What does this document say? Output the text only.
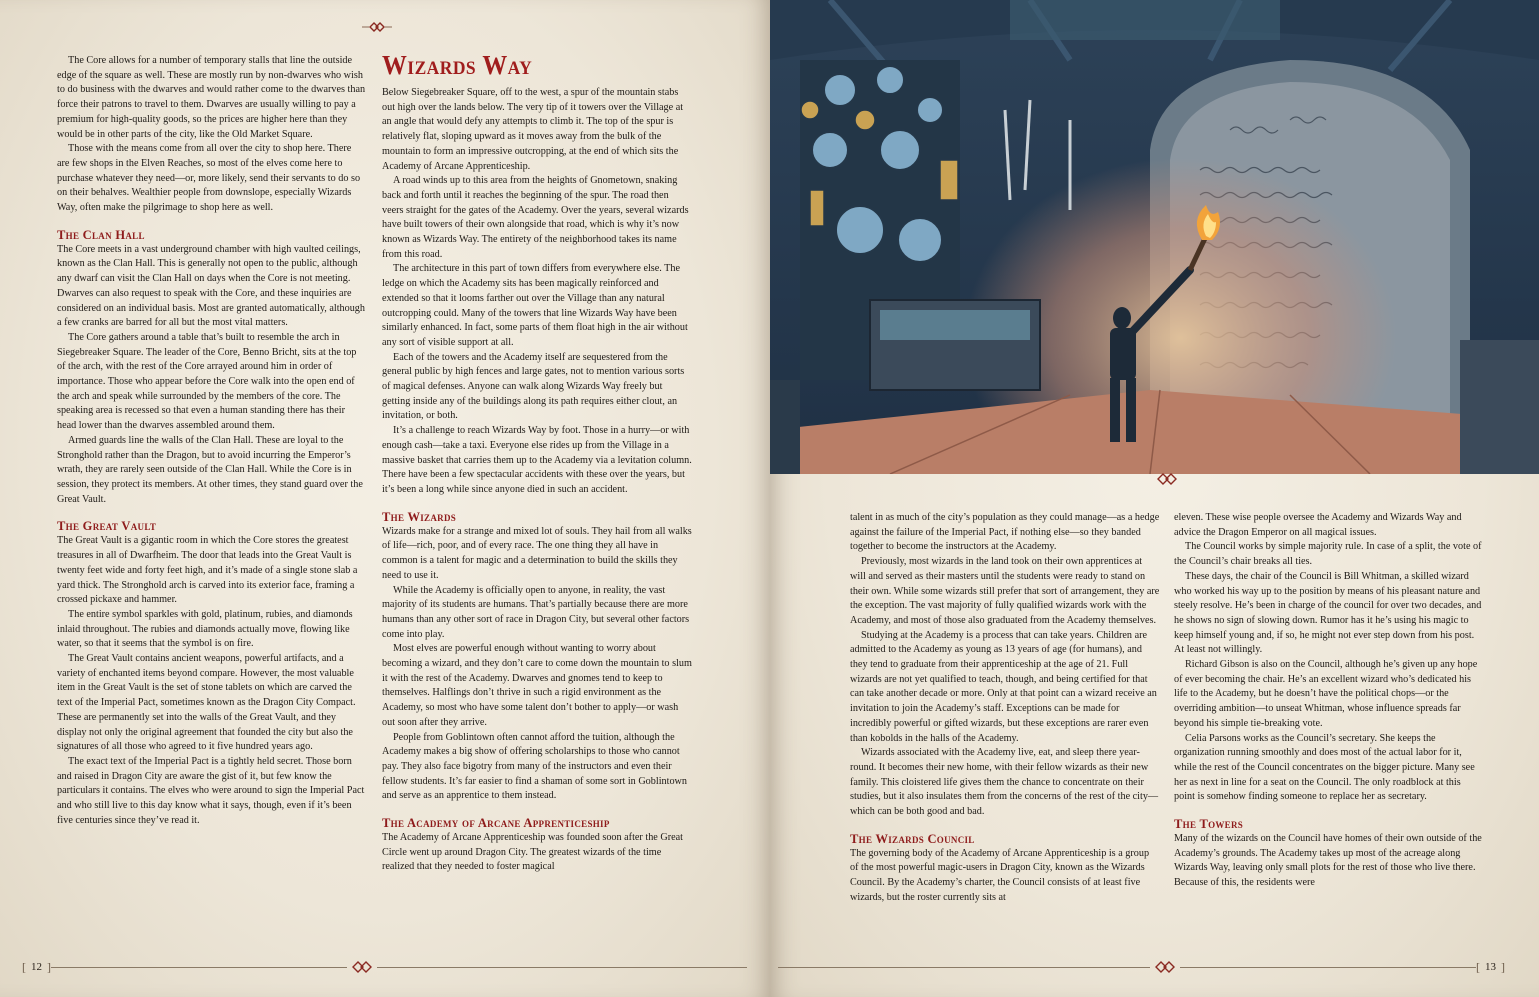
The Core allows for a number of temporary stalls that line the outside edge of the square as well. These are mostly run by non-dwarves who wish to do business with the dwarves and would rather come to the dwarves than force their patrons to travel to them. Dwarves are usually willing to pay a premium for high-quality goods, so the prices are higher here than they would be in other parts of the city, like the Old Market Square.

Those with the means come from all over the city to shop here. There are few shops in the Elven Reaches, so most of the elves come here to purchase whatever they need—or, more likely, send their servants to do so on their behalves. Wealthier people from downslope, especially Wizards Way, often make the pilgrimage to shop here as well.

The Clan Hall

The Core meets in a vast underground chamber with high vaulted ceilings, known as the Clan Hall. This is generally not open to the public, although any dwarf can visit the Clan Hall on days when the Core is not meeting. Dwarves can also request to speak with the Core, and these inquiries are considered on an individual basis. Most are granted automatically, although a few cranks are barred for all but the most vital matters.

The Core gathers around a table that’s built to resemble the arch in Siegebreaker Square. The leader of the Core, Benno Bricht, sits at the top of the arch, with the rest of the Core arrayed around him in order of importance. Those who appear before the Core walk into the open end of the arch and speak while surrounded by the members of the core. The speaking area is recessed so that even a human standing there has their head lower than the dwarves assembled around them.

Armed guards line the walls of the Clan Hall. These are loyal to the Stronghold rather than the Dragon, but to avoid incurring the Emperor’s wrath, they are rarely seen outside of the Clan Hall. While the Core is in session, they protect its members. At other times, they stand guard over the Great Vault.

The Great Vault

The Great Vault is a gigantic room in which the Core stores the greatest treasures in all of Dwarfheim. The door that leads into the Great Vault is twenty feet wide and forty feet high, and it’s made of a single stone slab a yard thick. The Stronghold arch is carved into its exterior face, framing a crossed pickaxe and hammer.

The entire symbol sparkles with gold, platinum, rubies, and diamonds inlaid throughout. The rubies and diamonds actually move, flowing like water, so that it seems that the symbol is on fire.

The Great Vault contains ancient weapons, powerful artifacts, and a variety of enchanted items beyond compare. However, the most valuable item in the Great Vault is the set of stone tablets on which are carved the text of the Imperial Pact, sometimes known as the Dragon City Compact. These are permanently set into the walls of the Great Vault, and they display not only the original agreement that founded the city but also the signatures of all those who agreed to it five hundred years ago.

The exact text of the Imperial Pact is a tightly held secret. Those born and raised in Dragon City are aware the gist of it, but few know the particulars it contains. The elves who were around to sign the Imperial Pact and who still live to this day know what it says, though, even if it’s been five centuries since they’ve read it.

Wizards Way

Below Siegebreaker Square, off to the west, a spur of the mountain stabs out high over the lands below. The very tip of it towers over the Village at an angle that would defy any attempts to climb it. The top of the spur is relatively flat, sloping upward as it moves away from the bulk of the mountain to form an impressive outcropping, at the end of which sits the Academy of Arcane Apprenticeship.

A road winds up to this area from the heights of Gnometown, snaking back and forth until it reaches the beginning of the spur. The road then veers straight for the gates of the Academy. Over the years, several wizards have built towers of their own alongside that road, which is why it’s now known as Wizards Way. The entirety of the neighborhood takes its name from this road.

The architecture in this part of town differs from everywhere else. The ledge on which the Academy sits has been magically reinforced and extended so that it looms farther out over the Village than any natural outcropping could. Many of the towers that line Wizards Way have been similarly enhanced. In fact, some parts of them float high in the air without any sort of visible support at all.

Each of the towers and the Academy itself are sequestered from the general public by high fences and large gates, not to mention various sorts of magical defenses. Anyone can walk along Wizards Way freely but getting inside any of the buildings along its path requires either clout, an invitation, or both.

It’s a challenge to reach Wizards Way by foot. Those in a hurry—or with enough cash—take a taxi. Everyone else rides up from the Village in a massive basket that carries them up to the Academy via a levitation column. There have been a few spectacular accidents with these over the years, but it’s been a long while since anyone died in such an accident.

The Wizards

Wizards make for a strange and mixed lot of souls. They hail from all walks of life—rich, poor, and of every race. The one thing they all have in common is a talent for magic and a determination to build the skills they need to use it.

While the Academy is officially open to anyone, in reality, the vast majority of its students are humans. That’s partially because there are more humans than any other sort of race in Dragon City, but several other factors come into play.

Most elves are powerful enough without wanting to worry about becoming a wizard, and they don’t care to come down the mountain to slum it with the rest of the Academy. Dwarves and gnomes tend to keep to themselves. Halflings don’t thrive in such a rigid environment as the Academy, so most who have some talent don’t bother to apply—or wash out soon after they arrive.

People from Goblintown often cannot afford the tuition, although the Academy makes a big show of offering scholarships to those who cannot pay. They also face bigotry from many of the instructors and even their fellow students. It’s far easier to find a shaman of some sort in Goblintown and serve as an apprentice to them instead.

The Academy of Arcane Apprenticeship

The Academy of Arcane Apprenticeship was founded soon after the Great Circle went up around Dragon City. The greatest wizards of the time realized that they needed to foster magical

[ 12 ]

talent in as much of the city’s population as they could manage—as a hedge against the failure of the Imperial Pact, if nothing else—so they banded together to become the instructors at the Academy.

Previously, most wizards in the land took on their own apprentices at will and served as their masters until the students were ready to stand on their own. While some wizards still prefer that sort of arrangement, they are the exception. The vast majority of fully qualified wizards work with the Academy, and most of those also graduated from the Academy themselves.

Studying at the Academy is a process that can take years. Children are admitted to the Academy as young as 13 years of age (for humans), and they tend to graduate from their apprenticeship at the age of 21. Full wizards are not yet qualified to teach, though, and being certified for that can take another decade or more. Only at that point can a wizard receive an invitation to join the Academy’s staff. Exceptions can be made for incredibly powerful or gifted wizards, but these exceptions are rarer even than kobolds in the halls of the Academy.

Wizards associated with the Academy live, eat, and sleep there year-round. It becomes their new home, with their fellow wizards as their new family. This cloistered life gives them the chance to concentrate on their studies, but it also insulates them from the concerns of the rest of the city—which can be both good and bad.

The Wizards Council

The governing body of the Academy of Arcane Apprenticeship is a group of the most powerful magic-users in Dragon City, known as the Wizards Council. By the Academy’s charter, the Council consists of at least five wizards, but the roster currently sits at

eleven. These wise people oversee the Academy and Wizards Way and advice the Dragon Emperor on all magical issues.

The Council works by simple majority rule. In case of a split, the vote of the Council’s chair breaks all ties.

These days, the chair of the Council is Bill Whitman, a skilled wizard who worked his way up to the position by means of his pleasant nature and steely resolve. He’s been in charge of the council for over two decades, and he shows no sign of slowing down. Rumor has it he’s using his magic to keep himself young and, if so, he might not ever step down from his post. At least not willingly.

Richard Gibson is also on the Council, although he’s given up any hope of ever becoming the chair. He’s an excellent wizard who’s dedicated his life to the Academy, but he doesn’t have the political chops—or the overriding ambition—to unseat Whitman, whose influence spreads far beyond his simple tie-breaking vote.

Celia Parsons works as the Council’s secretary. She keeps the organization running smoothly and does most of the actual labor for it, while the rest of the Council concentrates on the bigger picture. Many see her as next in line for a seat on the Council. The only roadblock at this point is somehow finding someone to replace her as secretary.

The Towers

Many of the wizards on the Council have homes of their own outside of the Academy’s grounds. The Academy takes up most of the acreage along Wizards Way, leaving only small plots for the rest of those who live there. Because of this, the residents were

[ 13 ]
